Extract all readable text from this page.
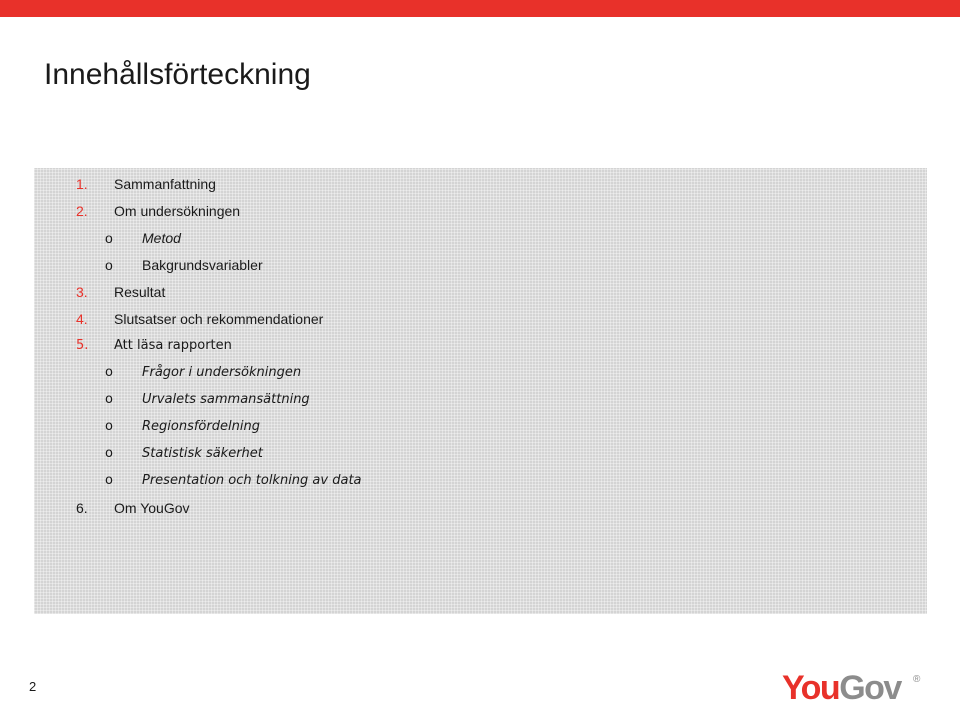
Innehållsförteckning
1. Sammanfattning
2. Om undersökningen
o Metod
o Bakgrundsvariabler
3. Resultat
4. Slutsatser och rekommendationer
5. Att läsa rapporten
o Frågor i undersökningen
o Urvalets sammansättning
o Regionsfördelning
o Statistisk säkerhet
o Presentation och tolkning av data
6. Om YouGov
2	YouGov ®
